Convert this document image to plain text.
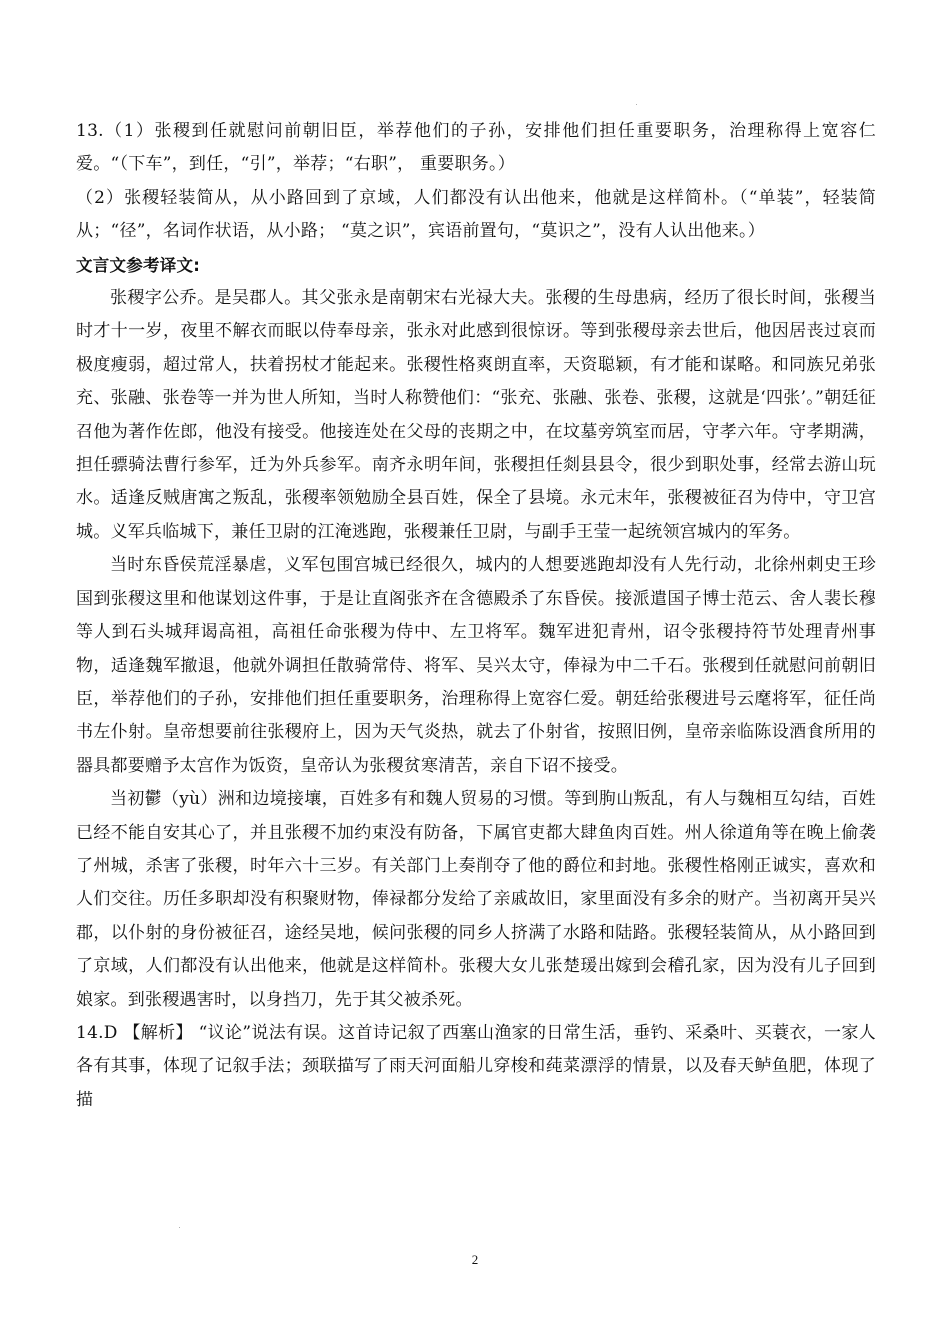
13.（1）张稷到任就慰问前朝旧臣，举荐他们的子孙，安排他们担任重要职务，治理称得上宽容仁爱。“（下车”，到任，“引”，举荐；“右职”， 重要职务。）

（2）张稷轻装简从，从小路回到了京域，人们都没有认出他来，他就是这样简朴。（“单装”，轻装简从；“径”，名词作状语，从小路； “莫之识”，宾语前置句，“莫识之”，没有人认出他来。）

文言文参考译文:

张稷字公乔。是吴郡人。其父张永是南朝宋右光禄大夫。张稷的生母患病，经历了很长时间，张稷当时才十一岁，夜里不解衣而眠以侍奉母亲，张永对此感到很惊讶。等到张稷母亲去世后，他因居丧过哀而极度瘦弱，超过常人，扶着拐杖才能起来。张稷性格爽朗直率，天资聪颖，有才能和谋略。和同族兄弟张充、张融、张卷等一并为世人所知，当时人称赞他们：“张充、张融、张卷、张稷，这就是‘四张’。”朝廷征召他为著作佐郎，他没有接受。他接连处在父母的丧期之中，在坟墓旁筑室而居，守孝六年。守孝期满，担任骠骑法曹行参军，迁为外兵参军。南齐永明年间，张稷担任剡县县令，很少到职处事，经常去游山玩水。适逢反贼唐寓之叛乱，张稷率领勉励全县百姓，保全了县境。永元末年，张稷被征召为侍中，守卫宫城。义军兵临城下，兼任卫尉的江淹逃跑，张稷兼任卫尉，与副手王莹一起统领宫城内的军务。

当时东昏侯荒淫暴虐，义军包围宫城已经很久，城内的人想要逃跑却没有人先行动，北徐州刺史王珍国到张稷这里和他谋划这件事，于是让直阁张齐在含德殿杀了东昏侯。接派遣国子博士范云、舍人裴长穆等人到石头城拜谒高祖，高祖任命张稷为侍中、左卫将军。魏军进犯青州，诏令张稷持符节处理青州事物，适逢魏军撤退，他就外调担任散骑常侍、将军、吴兴太守，俸禄为中二千石。张稷到任就慰问前朝旧臣，举荐他们的子孙，安排他们担任重要职务，治理称得上宽容仁爱。朝廷给张稷进号云麾将军，征任尚书左仆射。皇帝想要前往张稷府上，因为天气炎热，就去了仆射省，按照旧例，皇帝亲临陈设酒食所用的器具都要赠予太宫作为饭资，皇帝认为张稷贫寒清苦，亲自下诏不接受。

当初鬱（yù）洲和边境接壤，百姓多有和魏人贸易的习惯。等到朐山叛乱，有人与魏相互勾结，百姓已经不能自安其心了，并且张稷不加约束没有防备，下属官吏都大肆鱼肉百姓。州人徐道角等在晚上偷袭了州城，杀害了张稷，时年六十三岁。有关部门上奏削夺了他的爵位和封地。张稷性格刚正诚实，喜欢和人们交往。历任多职却没有积聚财物，俸禄都分发给了亲戚故旧，家里面没有多余的财产。当初离开吴兴郡，以仆射的身份被征召，途经吴地，候问张稷的同乡人挤满了水路和陆路。张稷轻装简从，从小路回到了京域，人们都没有认出他来，他就是这样简朴。张稷大女儿张楚瑗出嫁到会稽孔家，因为没有儿子回到娘家。到张稷遇害时，以身挡刀，先于其父被杀死。

14.D 【解析】 “议论”说法有误。这首诗记叙了西塞山渔家的日常生活，垂钓、采桑叶、买蓑衣，一家人各有其事，体现了记叙手法；颈联描写了雨天河面船儿穿梭和莼菜漂浮的情景，以及春天鲈鱼肥，体现了描

2
